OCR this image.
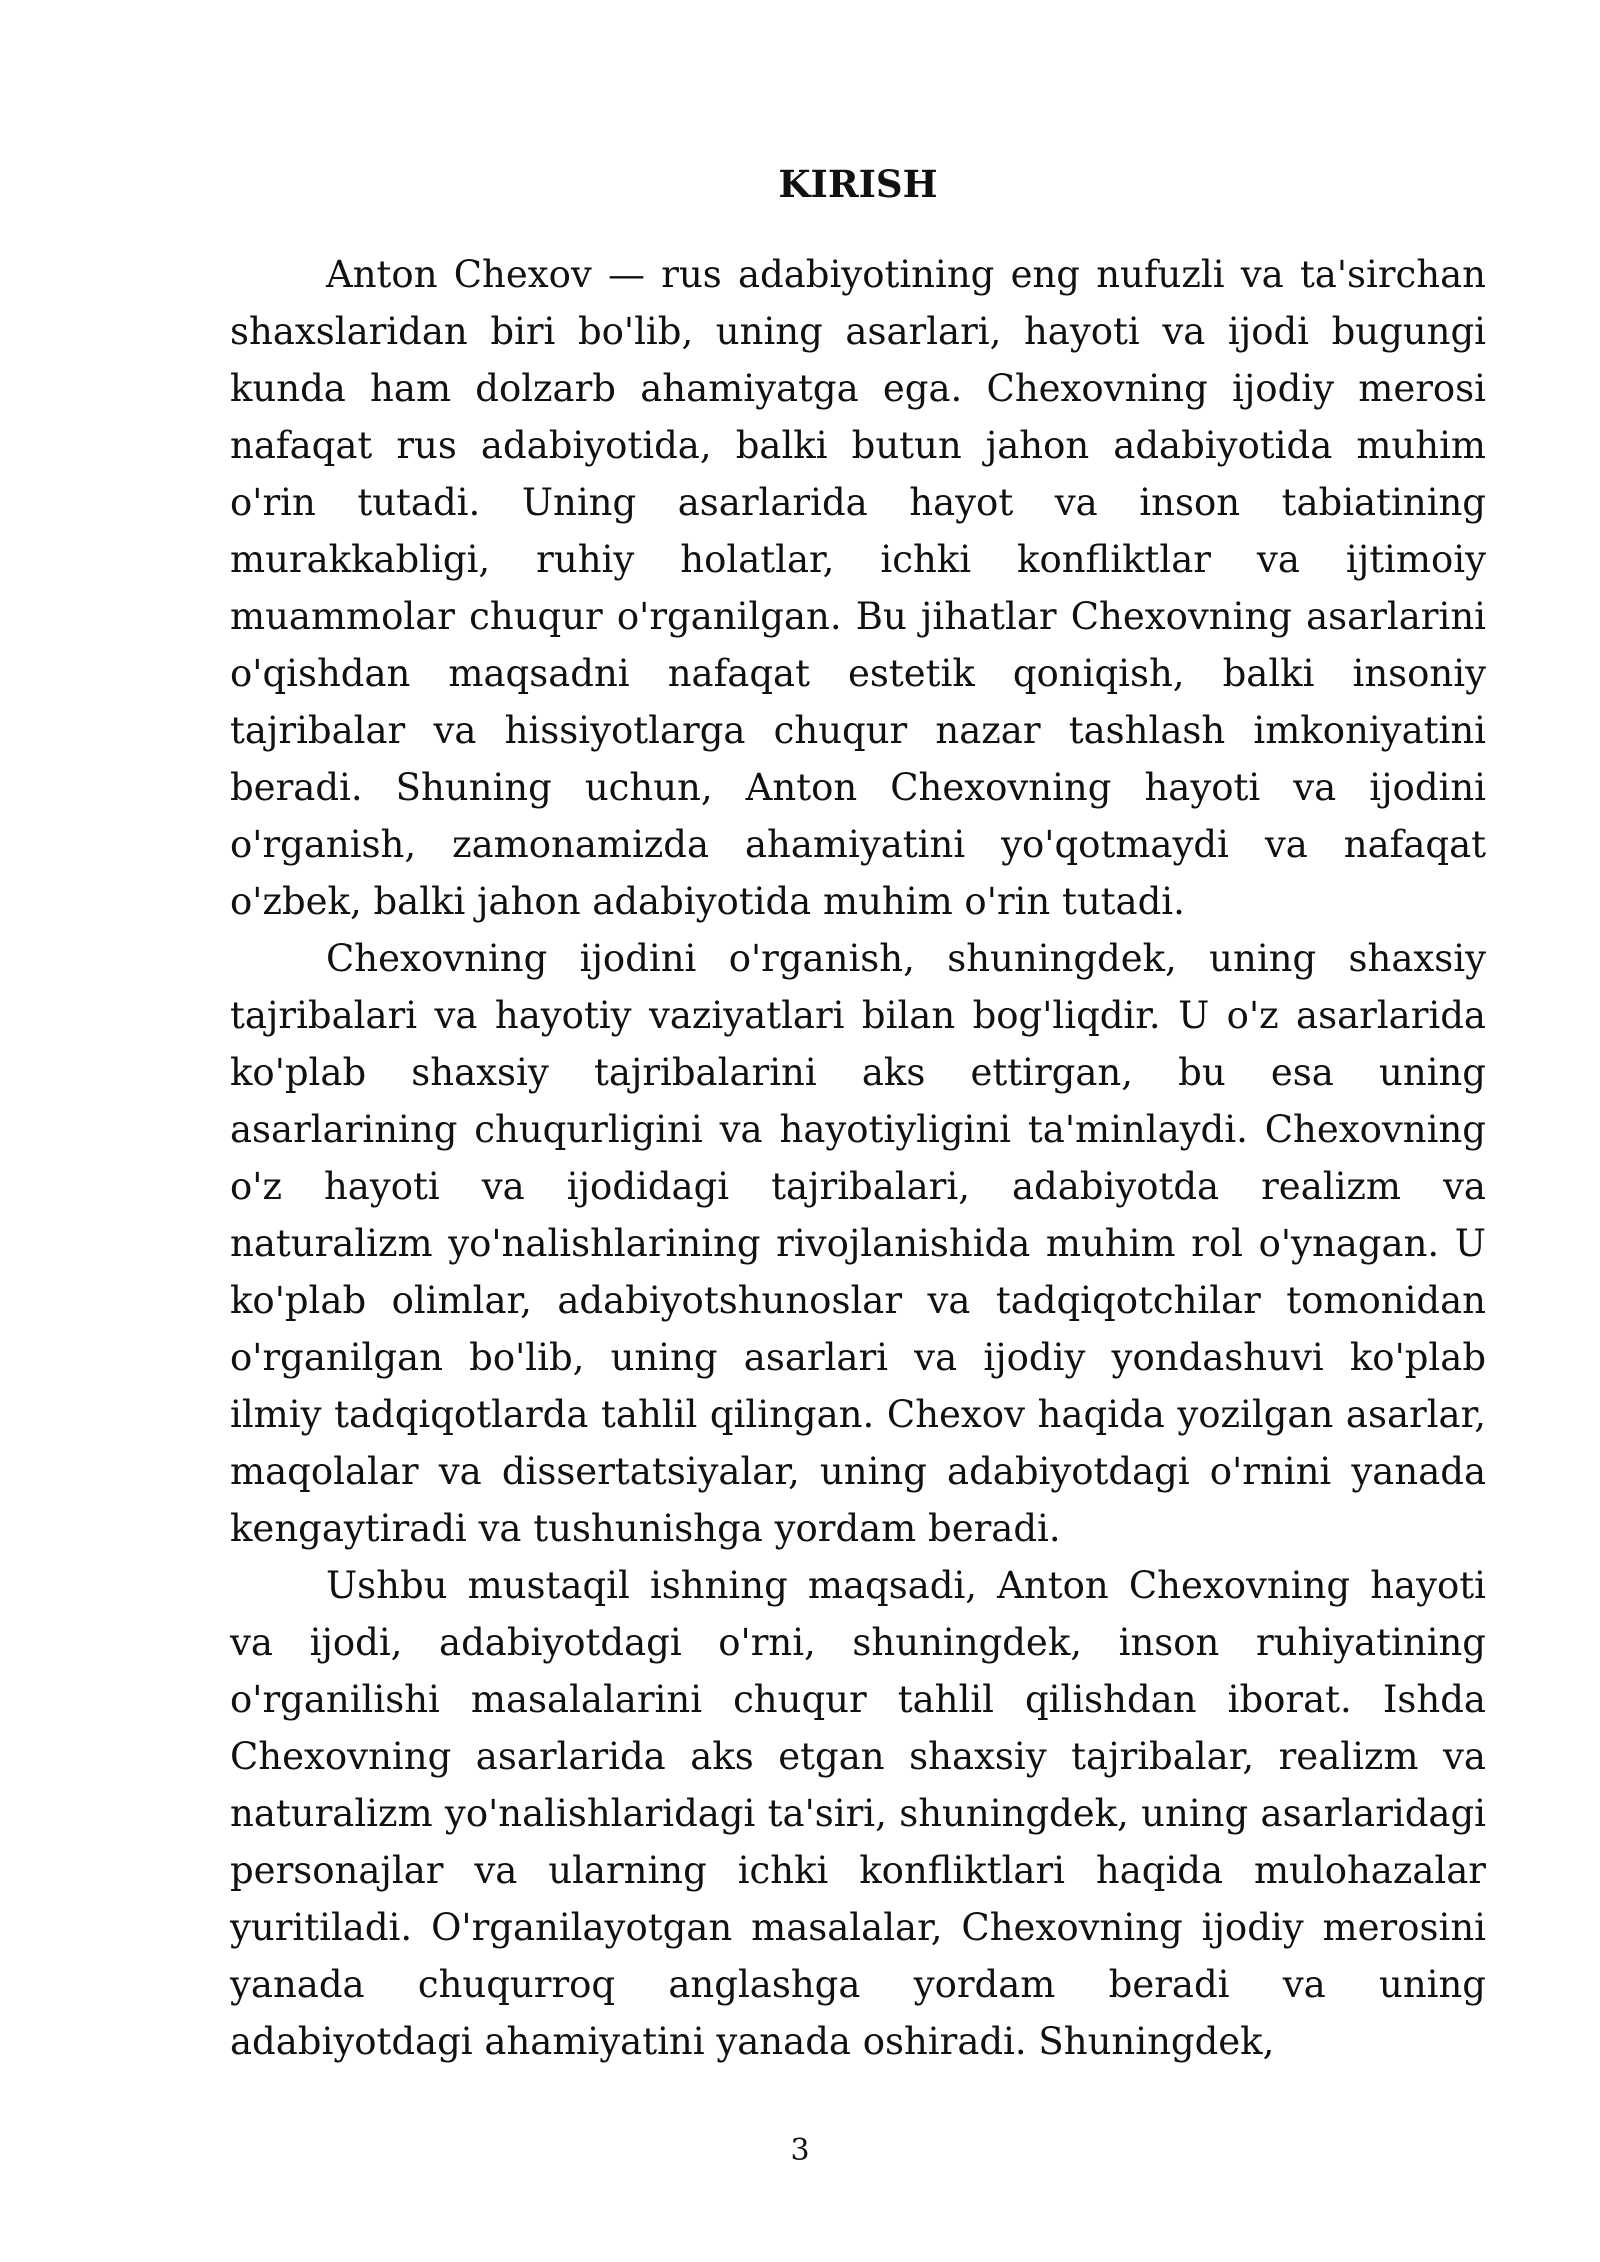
KIRISH

Anton Chexov — rus adabiyotining eng nufuzli va ta'sirchan shaxslaridan biri bo'lib, uning asarlari, hayoti va ijodi bugungi kunda ham dolzarb ahamiyatga ega. Chexovning ijodiy merosi nafaqat rus adabiyotida, balki butun jahon adabiyotida muhim o'rin tutadi. Uning asarlarida hayot va inson tabiatining murakkabligi, ruhiy holatlar, ichki konfliktlar va ijtimoiy muammolar chuqur o'rganilgan. Bu jihatlar Chexovning asarlarini o'qishdan maqsadni nafaqat estetik qoniqish, balki insoniy tajribalar va hissiyotlarga chuqur nazar tashlash imkoniyatini beradi. Shuning uchun, Anton Chexovning hayoti va ijodini o'rganish, zamonamizda ahamiyatini yo'qotmaydi va nafaqat o'zbek, balki jahon adabiyotida muhim o'rin tutadi.

Chexovning ijodini o'rganish, shuningdek, uning shaxsiy tajribalari va hayotiy vaziyatlari bilan bog'liqdir. U o'z asarlarida ko'plab shaxsiy tajribalarini aks ettirgan, bu esa uning asarlarining chuqurligini va hayotiyligini ta'minlaydi. Chexovning o'z hayoti va ijodidagi tajribalari, adabiyotda realizm va naturalizm yo'nalishlarining rivojlanishida muhim rol o'ynagan. U ko'plab olimlar, adabiyotshunoslar va tadqiqotchilar tomonidan o'rganilgan bo'lib, uning asarlari va ijodiy yondashuvi ko'plab ilmiy tadqiqotlarda tahlil qilingan. Chexov haqida yozilgan asarlar, maqolalar va dissertatsiyalar, uning adabiyotdagi o'rnini yanada kengaytiradi va tushunishga yordam beradi.

Ushbu mustaqil ishning maqsadi, Anton Chexovning hayoti va ijodi, adabiyotdagi o'rni, shuningdek, inson ruhiyatining o'rganilishi masalalarini chuqur tahlil qilishdan iborat. Ishda Chexovning asarlarida aks etgan shaxsiy tajribalar, realizm va naturalizm yo'nalishlaridagi ta'siri, shuningdek, uning asarlaridagi personajlar va ularning ichki konfliktlari haqida mulohazalar yuritiladi. O'rganilayotgan masalalar, Chexovning ijodiy merosini yanada chuqurroq anglashga yordam beradi va uning adabiyotdagi ahamiyatini yanada oshiradi. Shuningdek,

3
